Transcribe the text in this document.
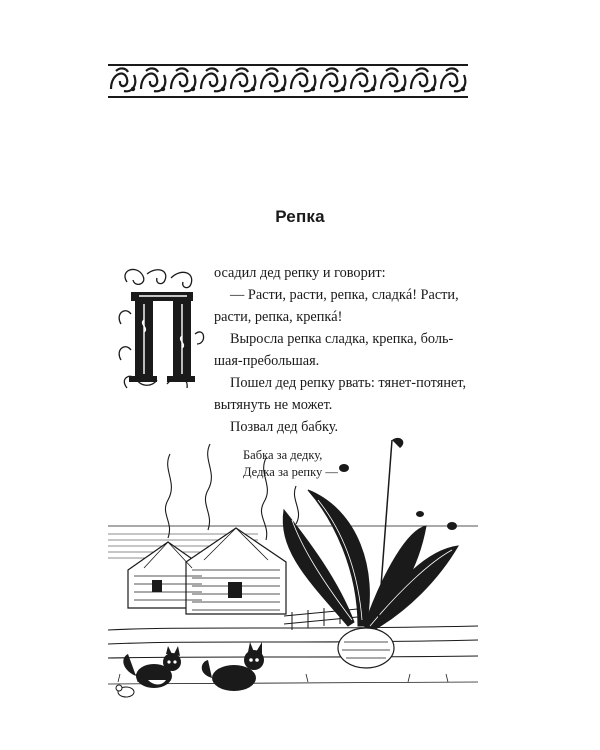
Репка
осадил дед репку и говорит:
— Расти, расти, репка, сладкá! Расти,
расти, репка, крепкá!
Выросла репка сладка, крепка, боль-
шая-пребольшая.
Пошел дед репку рвать: тянет-потянет,
вытянуть не может.
Позвал дед бабку.
Бабка за дедку,
Дедка за репку —
